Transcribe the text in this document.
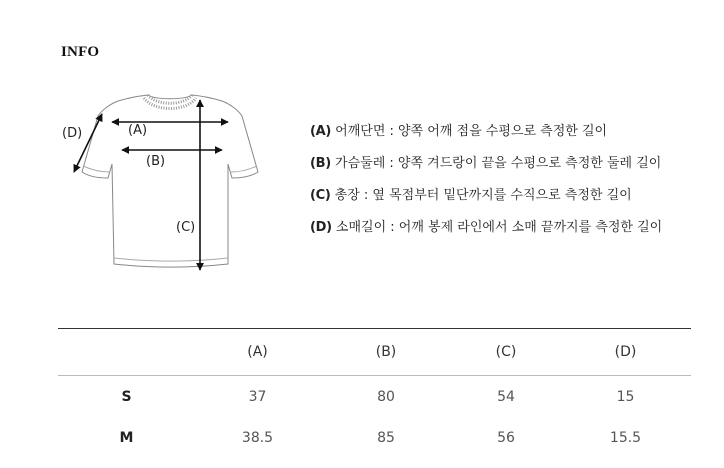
INFO
(A)
(B)
(C)
(D)	(A) 어깨단면 : 양쪽 어깨 점을 수평으로 측정한 길이
(B) 가슴둘레 : 양쪽 겨드랑이 끝을 수평으로 측정한 둘레 길이
(C) 총장 : 옆 목점부터 밑단까지를 수직으로 측정한 길이
(D) 소매길이 : 어깨 봉제 라인에서 소매 끝까지를 측정한 길이
	(A)	(B)	(C)	(D)
S	37	80	54	15
M	38.5	85	56	15.5
